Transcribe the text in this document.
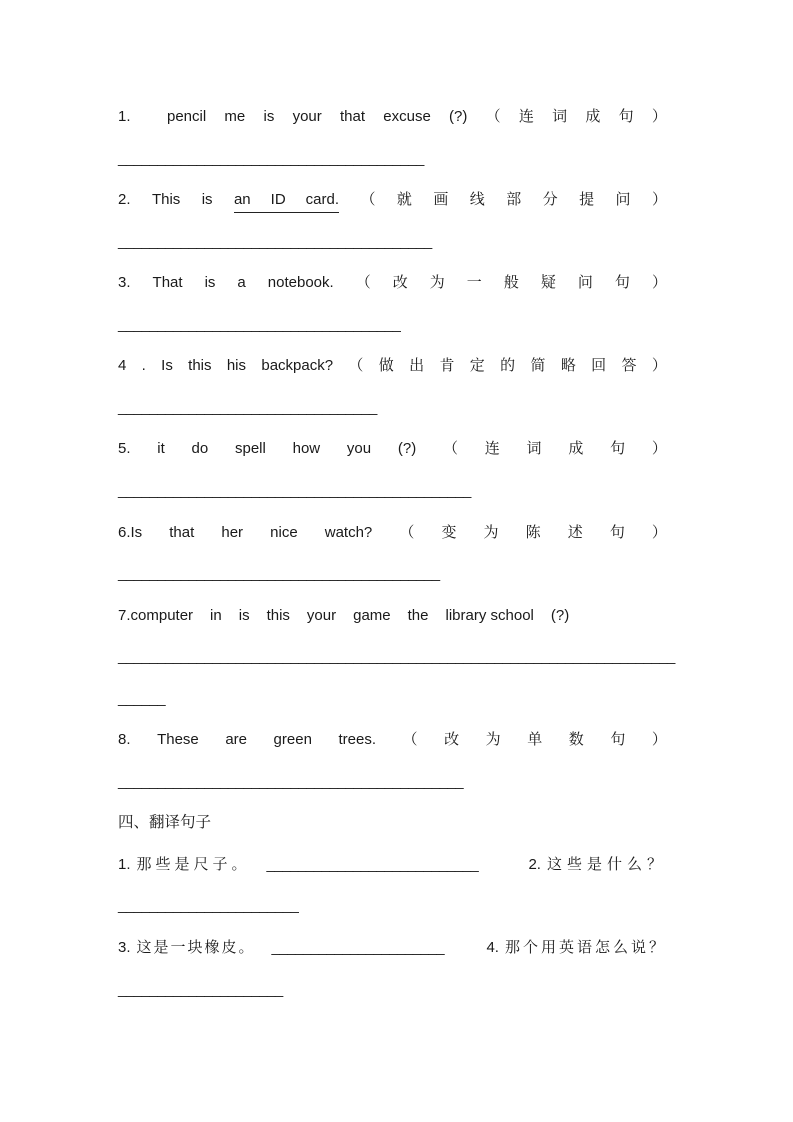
1. pencil me is your that excuse (?) （ 连 词 成 句 ）
_______________________________________
2. This is an ID card. （ 就 画 线 部 分 提 问 ）
________________________________________
3. That is a notebook. （ 改 为 一 般 疑 问 句 ）
____________________________________
4 . Is this his backpack? （ 做 出 肯 定 的 简 略 回 答 ）
_________________________________
5. it do spell how you (?) （ 连 词 成 句 ）
_____________________________________________
6.Is that her nice watch? （ 变 为 陈 述 句 ）
_________________________________________
7.computer in is this your game the library school (?)
_______________________________________________________________________
______
8. These are green trees. （ 改 为 单 数 句 ）
____________________________________________
四、翻译句子
1. 那些是尺子。 ___________________________	2. 这些是什么？
_______________________
3. 这是一块橡皮。 ______________________	4. 那个用英语怎么说？
_____________________
